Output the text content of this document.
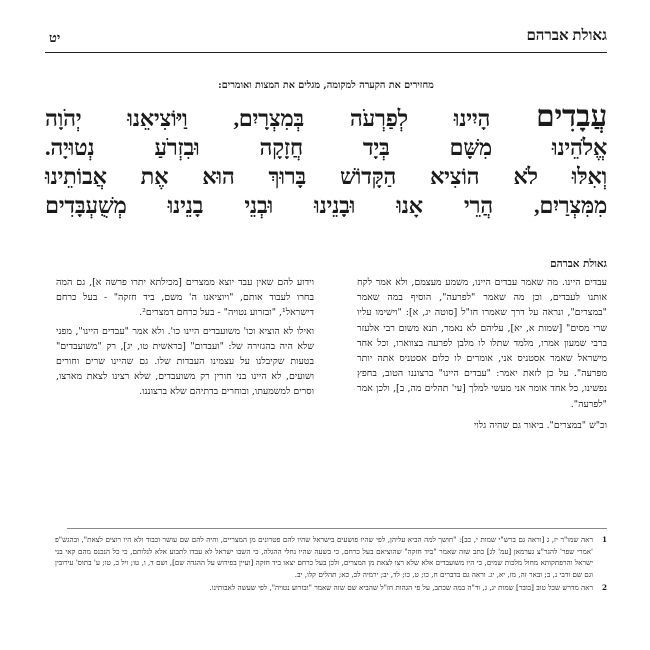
גאולת אברהם
יט
מחזירים את הקערה למקומה, מגלים את המצות ואומרים:
עֲבָדִים הָיִינוּ לְפַרְעֹה בְּמִצְרָיִם, וַיּוֹצִיאֵנוּ יְהֹוָה
אֱלֹהֵינוּ מִשָּׁם בְּיָד חֲזָקָה וּבִזְרֹעַ נְטוּיָה.
וְאִלּוּ לֹא הוֹצִיא הַקָּדוֹשׁ בָּרוּךְ הוּא אֶת אֲבוֹתֵינוּ
מִמִּצְרַיִם, הֲרֵי אָנוּ וּבָנֵינוּ וּבְנֵי בָנֵינוּ מְשֻׁעְבָּדִים
גאולת אברהם

עבדים היינו. מה שאמר עבדים היינו, משמע מעצמם, ולא אמר לקח אותנו לעבדים, וכן מה שאמר "לפרעה", הוסיף במה שאמר "במצרים", ונראה על דרך שאמרו חז"ל [סוטה יג, א]: "וישימו עליו שרי מסים" [שמות א, יא], עליהם לא נאמר, תנא משום רבי אלעזר ברבי שמעון אמרו, מלמד שתלו לו מלבן לפרעה בצווארו, וכל אחד מישראל שאמר אסטניס אני, אומרים לו כלום אסטניס אתה יותר מפרעה". על כן לזאת יאמר: "עבדים היינו" ברצוננו הטוב, בחפץ נפשינו, כל אחד אומר אני מעשי למלך [עי' תהלים מה, ב], ולכן אמר "לפרעה".

וכ"ש "במצרים". ביאור גם שהיה גלוי

וידוע להם שאין עבד יוצא ממצרים [מכילתא יתרו פרשה א], גם המה בחרו לעבוד אותם, "ויוציאנו ה' משם, ביד חזקה" - בעל כרחם דישראל¹, "ובזרוע נטויה" - בעל כרחם דמצרים².

ואילו לא הוציא וכו' משועבדים היינו כו'. ולא אמר "עבדים היינו", מפני שלא היה בהגזירה של: "ועבדום" [בראשית טו, יג], רק "משועבדים" בטעות שקיבלנו על עצמינו העבדות שלו. גם שהיינו שרים וחורים ושועים, לא היינו בני חורין רק משועבדים, שלא רצינו לצאת מארצו, וסרים למשמעתו, ובוחרים בדתיהם שלא ברצוננו.

1
ראה שמו"ר יז, ג [וראה גם ברש"י שמות י, כב]: "חושך למה הביא עליהן, לפי שהיו פושעים בישראל שהיו להם פטרונים מן המצריים, והיה להם שם עושר וכבוד ולא היו רוצים לצאת", ובהגש"פ 'אמרי שפר' להגר"צ גערמאן [עמ' לג] כתב שזה שאמר "ביד חזקה" שהוציאם בעל כרחם, כי בשעה שהיו נחלי ההגלה, כי השבו ישראל לא עבדו לתבוע אלא לגלותם, כי כל הנכנס מהם קאי בני ישראל והרפתקותא מחול מלכות שמים, כי היו משועבדים אלא שלא רצו לצאת מן המצרים, ולכן בעל כרחם יצאו ביד חזקה [ועיין בפירוש על ההגדה שם], ושם ד, ו, טו; ויל ב, טו; ע' בתוס' עירובין וגם שם ודבי נ, ב; ובאר זה, מז, יא, יג. וראה גם בדברים ח, כו; ט, כו; לד, יב; ירמיה לב, כא; תהלים קלו, יב.
2
ראה מדרש שכל טוב [בובר] שמות יג, ג, וד"ה במה שכתב, על פי הגהות חז"ל שהביא שם שזה שאמר "ובזרוע נטויה", לפי שעשה לאבותינו.
